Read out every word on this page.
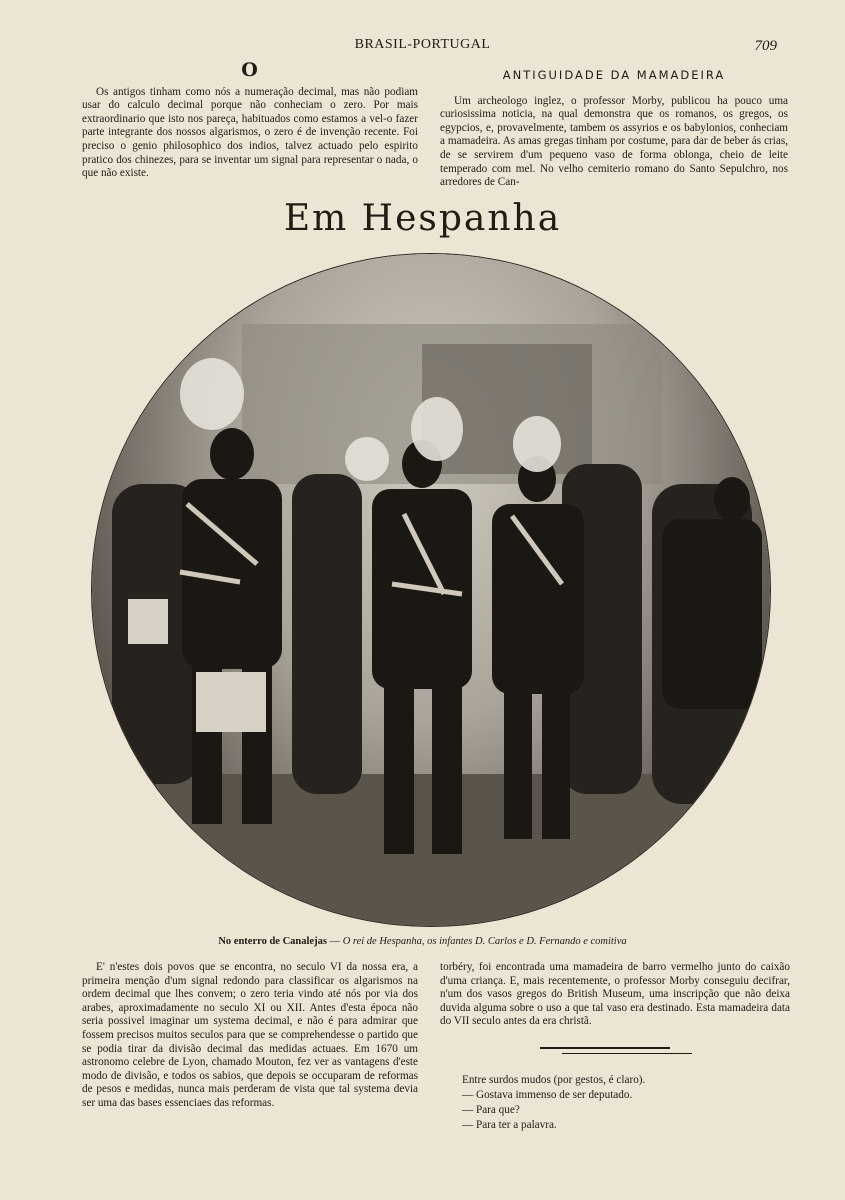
BRASIL-PORTUGAL	709
O

Os antigos tinham como nós a numeração decimal, mas não podiam usar do calculo decimal porque não conheciam o zero. Por mais extraordinario que isto nos pareça, habituados como estamos a vel-o fazer parte integrante dos nossos algarismos, o zero é de invenção recente. Foi preciso o genio philosophico dos indios, talvez actuado pelo espirito pratico dos chinezes, para se inventar um signal para representar o nada, o que não existe.

ANTIGUIDADE DA MAMADEIRA

Um archeologo inglez, o professor Morby, publicou ha pouco uma curiosissima noticia, na qual demonstra que os romanos, os gregos, os egypcios, e, provavelmente, tambem os assyrios e os babylonios, conheciam a mamadeira. As amas gregas tinham por costume, para dar de beber ás crias, de se servirem d'um pequeno vaso de forma oblonga, cheio de leite temperado com mel. No velho cemiterio romano do Santo Sepulchro, nos arredores de Can-

Em Hespanha
Pri
No enterro de Canalejas — O rei de Hespanha, os infantes D. Carlos e D. Fernando e comitiva

E' n'estes dois povos que se encontra, no seculo VI da nossa era, a primeira menção d'um signal redondo para classificar os algarismos na ordem decimal que lhes convem; o zero teria vindo até nós por via dos arabes, aproximadamente no seculo XI ou XII. Antes d'esta época não seria possivel imaginar um systema decimal, e não é para admirar que fossem precisos muitos seculos para que se comprehendesse o partido que se podia tirar da divisão decimal das medidas actuaes. Em 1670 um astronomo celebre de Lyon, chamado Mouton, fez ver as vantagens d'este modo de divisão, e todos os sabios, que depois se occuparam de reformas de pesos e medidas, nunca mais perderam de vista que tal systema devia ser uma das bases essenciaes das reformas.

torbéry, foi encontrada uma mamadeira de barro vermelho junto do caixão d'uma criança. E, mais recentemente, o professor Morby conseguiu decifrar, n'um dos vasos gregos do British Museum, uma inscripção que não deixa duvida alguma sobre o uso a que tal vaso era destinado. Esta mamadeira data do VII seculo antes da era christã.

Entre surdos mudos (por gestos, é claro).
— Gostava immenso de ser deputado.
— Para que?
— Para ter a palavra.
